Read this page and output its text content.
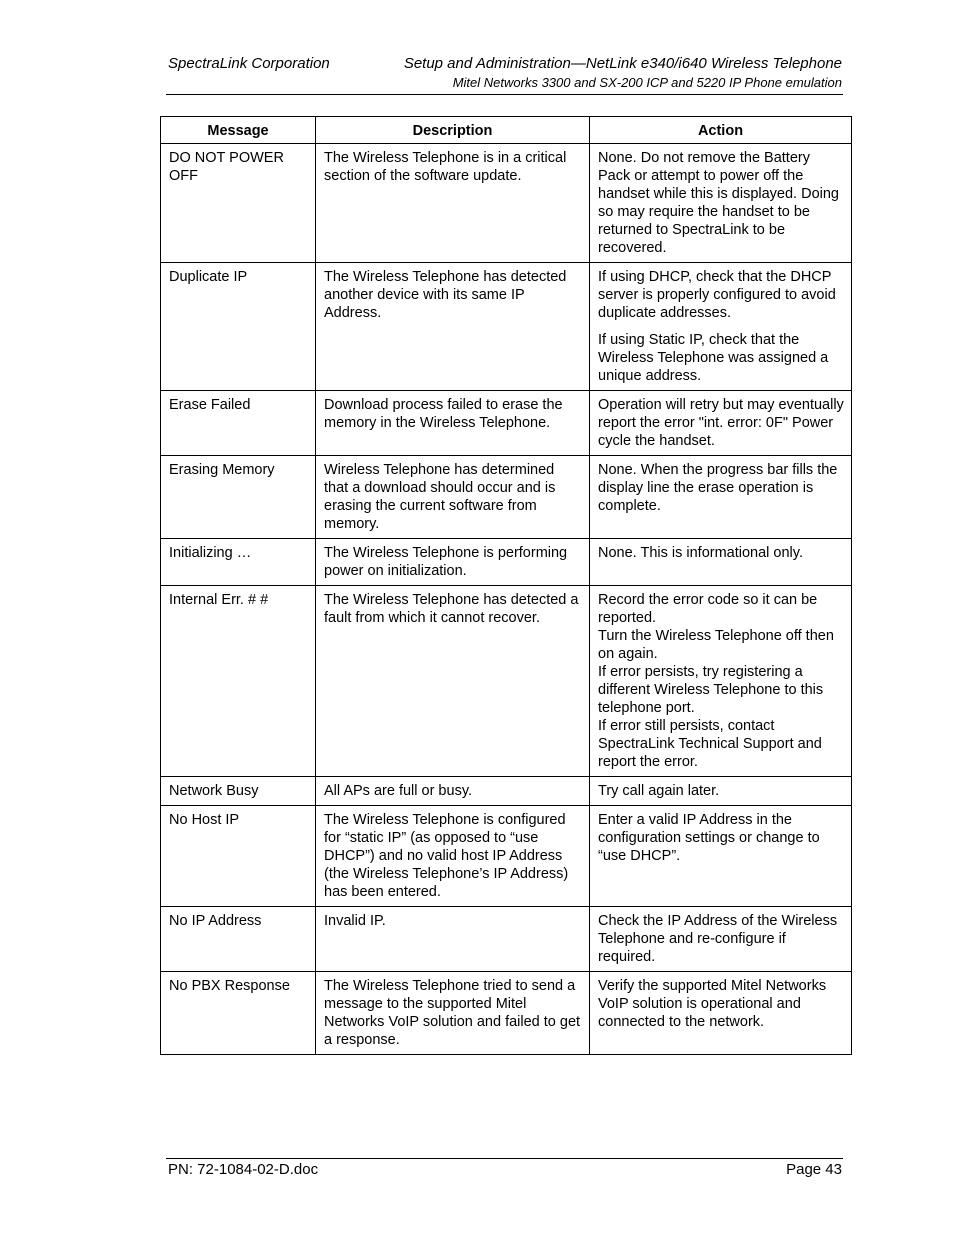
SpectraLink Corporation	Setup and Administration—NetLink e340/i640 Wireless Telephone
Mitel Networks 3300 and SX-200 ICP and 5220 IP Phone emulation
Message	Description	Action
DO NOT POWER OFF	The Wireless Telephone is in a critical section of the software update.	None. Do not remove the Battery Pack or attempt to power off the handset while this is displayed. Doing so may require the handset to be returned to SpectraLink to be recovered.

Duplicate IP	The Wireless Telephone has detected another device with its same IP Address.	If using DHCP, check that the DHCP server is properly configured to avoid duplicate addresses.
If using Static IP, check that the Wireless Telephone was assigned a unique address.

Erase Failed	Download process failed to erase the memory in the Wireless Telephone.	Operation will retry but may eventually report the error "int. error: 0F" Power cycle the handset.

Erasing Memory	Wireless Telephone has determined that a download should occur and is erasing the current software from memory.	None. When the progress bar fills the display line the erase operation is complete.

Initializing …	The Wireless Telephone is performing power on initialization.	None. This is informational only.

Internal Err. # #	The Wireless Telephone has detected a fault from which it cannot recover.	Record the error code so it can be reported.
Turn the Wireless Telephone off then on again.
If error persists, try registering a different Wireless Telephone to this telephone port.
If error still persists, contact SpectraLink Technical Support and report the error.

Network Busy	All APs are full or busy.	Try call again later.

No Host IP	The Wireless Telephone is configured for “static IP” (as opposed to “use DHCP”) and no valid host IP Address (the Wireless Telephone’s IP Address) has been entered.	Enter a valid IP Address in the configuration settings or change to “use DHCP”.

No IP Address	Invalid IP.	Check the IP Address of the Wireless Telephone and re-configure if required.

No PBX Response	The Wireless Telephone tried to send a message to the supported Mitel Networks VoIP solution and failed to get a response.	Verify the supported Mitel Networks VoIP solution is operational and connected to the network.
PN: 72-1084-02-D.doc	Page 43
